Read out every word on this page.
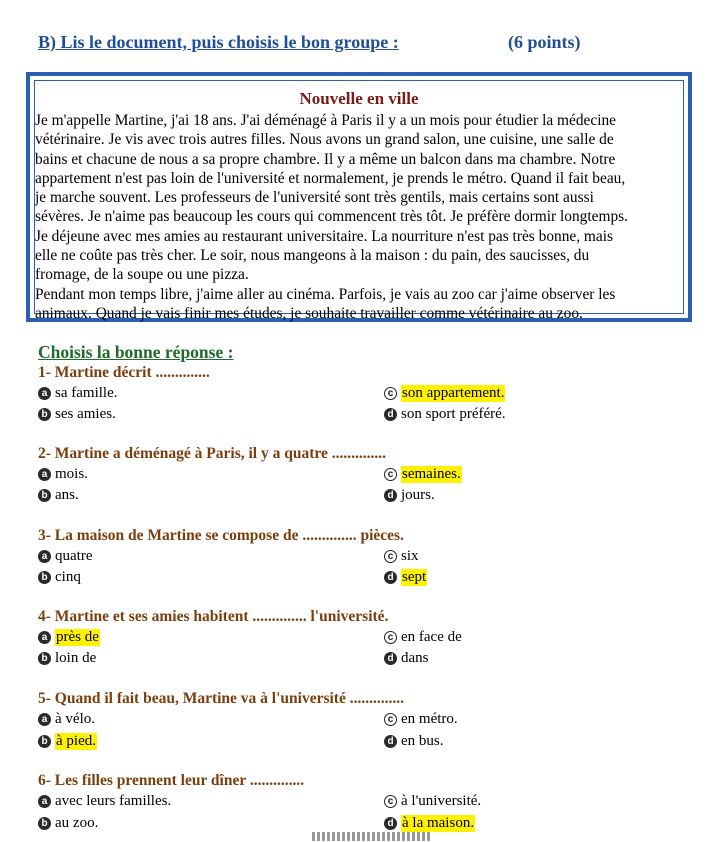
B) Lis le document, puis choisis le bon groupe :	(6 points)
Nouvelle en ville
Je m'appelle Martine, j'ai 18 ans. J'ai déménagé à Paris il y a un mois pour étudier la médecine
vétérinaire. Je vis avec trois autres filles. Nous avons un grand salon, une cuisine, une salle de
bains et chacune de nous a sa propre chambre. Il y a même un balcon dans ma chambre. Notre
appartement n'est pas loin de l'université et normalement, je prends le métro. Quand il fait beau,
je marche souvent. Les professeurs de l'université sont très gentils, mais certains sont aussi
sévères. Je n'aime pas beaucoup les cours qui commencent très tôt. Je préfère dormir longtemps.
Je déjeune avec mes amies au restaurant universitaire. La nourriture n'est pas très bonne, mais
elle ne coûte pas très cher. Le soir, nous mangeons à la maison : du pain, des saucisses, du
fromage, de la soupe ou une pizza.
Pendant mon temps libre, j'aime aller au cinéma. Parfois, je vais au zoo car j'aime observer les
animaux. Quand je vais finir mes études, je souhaite travailler comme vétérinaire au zoo.
Choisis la bonne réponse :
1- Martine décrit ..............
a sa famille.
b ses amies.
c son appartement.
d son sport préféré.
2- Martine a déménagé à Paris, il y a quatre ..............
a mois.
b ans.
c semaines.
d jours.
3- La maison de Martine se compose de .............. pièces.
a quatre
b cinq
c six
d sept
4- Martine et ses amies habitent .............. l'université.
a près de
b loin de
c en face de
d dans
5- Quand il fait beau, Martine va à l'université ..............
a à vélo.
b à pied.
c en métro.
d en bus.
6- Les filles prennent leur dîner ..............
a avec leurs familles.
b au zoo.
c à l'université.
d à la maison.
